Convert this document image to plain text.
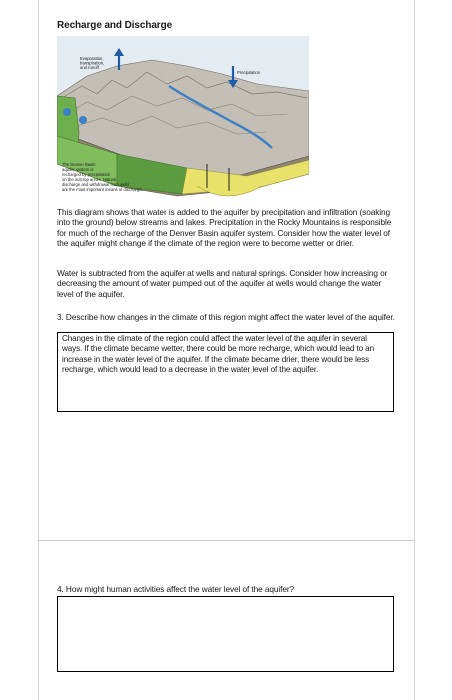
Recharge and Discharge
Evaporation, transpiration, and runoff
Precipitation
The Denver Basin aquifer system is recharged by precipitation on the outcrop areas. Natural discharge and withdrawal from wells are the most important means of discharge.
This diagram shows that water is added to the aquifer by precipitation and infiltration (soaking into the ground) below streams and lakes. Precipitation in the Rocky Mountains is responsible for much of the recharge of the Denver Basin aquifer system. Consider how the water level of the aquifer might change if the climate of the region were to become wetter or drier.
Water is subtracted from the aquifer at wells and natural springs. Consider how increasing or decreasing the amount of water pumped out of the aquifer at wells would change the water level of the aquifer.
3. Describe how changes in the climate of this region might affect the water level of the aquifer.
Changes in the climate of the region could affect the water level of the aquifer in several ways. If the climate became wetter, there could be more recharge, which would lead to an increase in the water level of the aquifer. If the climate became drier, there would be less recharge, which would lead to a decrease in the water level of the aquifer.
4. How might human activities affect the water level of the aquifer?
